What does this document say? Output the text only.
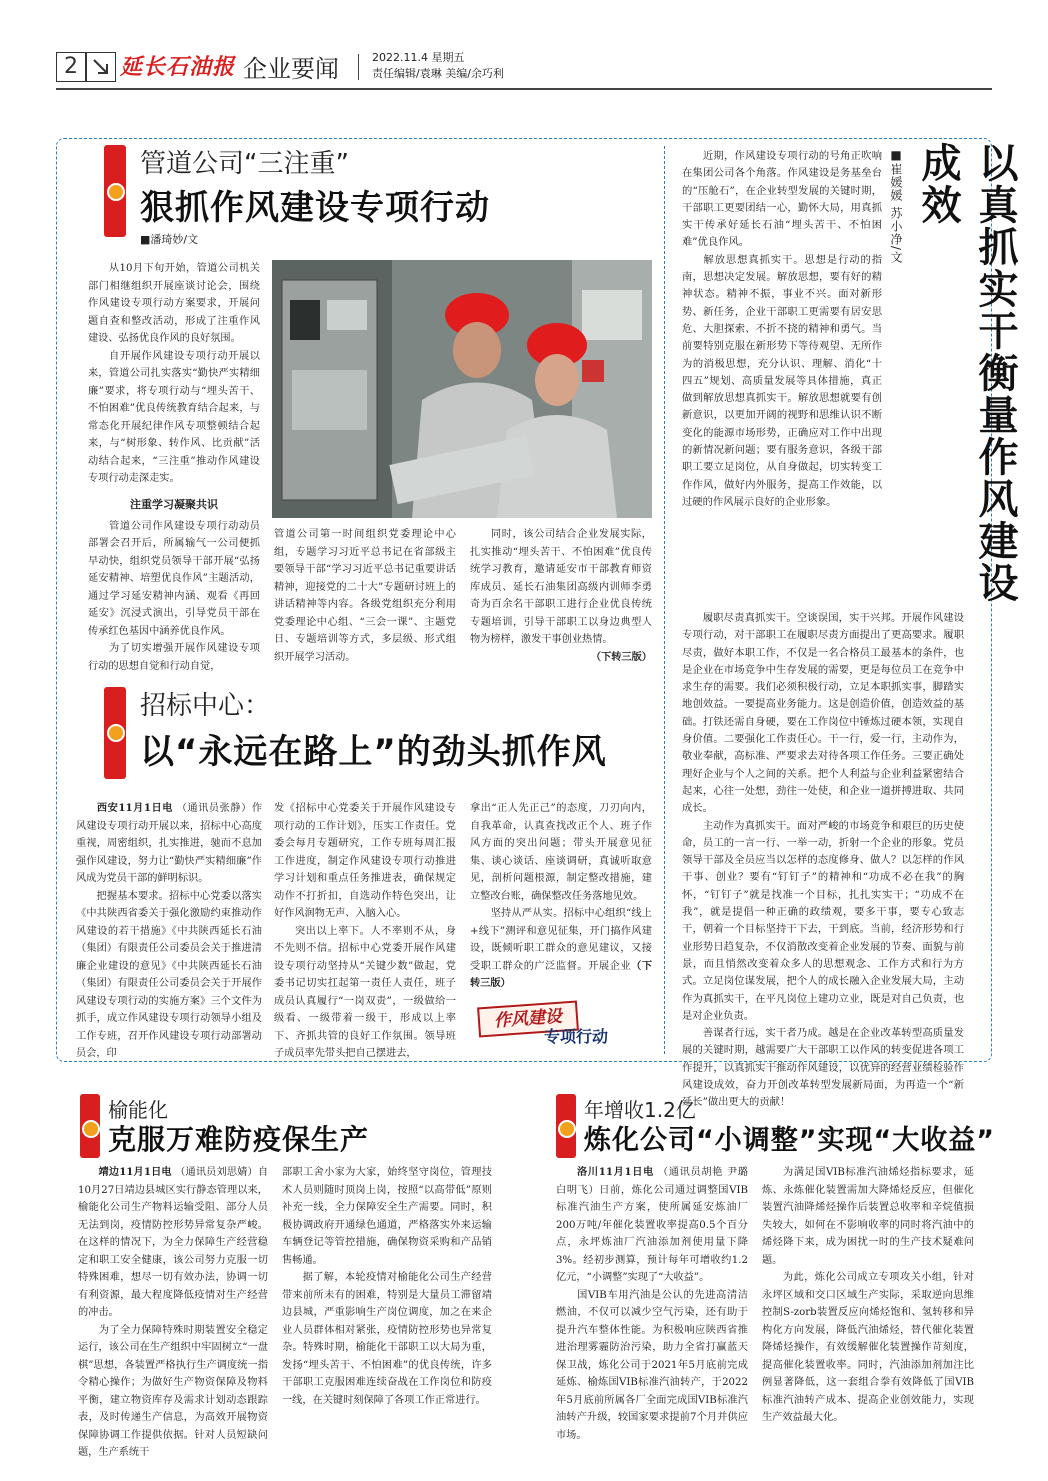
2	延长石油报 企业要闻	2022.11.4 星期五
责任编辑/袁琳 美编/余巧利
管道公司“三注重”
狠抓作风建设专项行动
■潘琦妙/文

从10月下旬开始，管道公司机关部门相继组织开展座谈讨论会，围绕作风建设专项行动方案要求，开展问题自查和整改活动，形成了注重作风建设、弘扬优良作风的良好氛围。

自开展作风建设专项行动开展以来，管道公司扎实落实“勤快严实精细廉”要求，将专项行动与“埋头苦干、不怕困难”优良传统教育结合起来，与常态化开展纪律作风专项整顿结合起来，与“树形象、转作风、比贡献”活动结合起来，“三注重”推动作风建设专项行动走深走实。

注重学习凝聚共识

管道公司作风建设专项行动动员部署会召开后，所属输气一公司便抓早动快，组织党员领导干部开展“弘扬延安精神、培塑优良作风”主题活动，通过学习延安精神内涵、观看《再回延安》沉浸式演出，引导党员干部在传承红色基因中涵养优良作风。

为了切实增强开展作风建设专项行动的思想自觉和行动自觉，

管道公司第一时间组织党委理论中心组，专题学习习近平总书记在省部级主要领导干部“学习习近平总书记重要讲话精神，迎接党的二十大”专题研讨班上的讲话精神等内容。各级党组织充分利用党委理论中心组、“三会一课”、主题党日、专题培训等方式，多层级、形式组织开展学习活动。

同时，该公司结合企业发展实际，扎实推动“埋头苦干、不怕困难”优良传统学习教育，邀请延安市干部教育师资库成员、延长石油集团高级内训师李勇奇为百余名干部职工进行企业优良传统专题培训，引导干部职工以身边典型人物为榜样，激发干事创业热情。

（下转三版）

招标中心：
以“永远在路上”的劲头抓作风

西安11月1日电 （通讯员张静）作风建设专项行动开展以来，招标中心高度重视，周密组织，扎实推进，驰而不息加强作风建设，努力让“勤快严实精细廉”作风成为党员干部的鲜明标识。

把握基本要求。招标中心党委以落实《中共陕西省委关于强化激励约束推动作风建设的若干措施》《中共陕西延长石油（集团）有限责任公司委员会关于推进清廉企业建设的意见》《中共陕西延长石油（集团）有限责任公司委员会关于开展作风建设专项行动的实施方案》三个文件为抓手，成立作风建设专项行动领导小组及工作专班，召开作风建设专项行动部署动员会，印

发《招标中心党委关于开展作风建设专项行动的工作计划》，压实工作责任。党委会每月专题研究，工作专班每周汇报工作进度，制定作风建设专项行动推进学习计划和重点任务推进表，确保规定动作不打折扣，自选动作特色突出，让好作风润物无声、入脑入心。

突出以上率下。人不率则不从，身不先则不信。招标中心党委开展作风建设专项行动坚持从“关键少数”做起，党委书记切实扛起第一责任人责任，班子成员认真履行“一岗双责”，一级做给一级看、一级带着一级干，形成以上率下、齐抓共管的良好工作氛围。领导班子成员率先带头把自己摆进去，

拿出“正人先正己”的态度，刀刃向内，自我革命，认真查找改正个人、班子作风方面的突出问题；带头开展意见征集、谈心谈话、座谈调研，真诚听取意见，剖析问题根源，制定整改措施，建立整改台账，确保整改任务落地见效。

坚持从严从实。招标中心组织“线上+线下”测评和意见征集，开门搞作风建设，既倾听职工群众的意见建议，又接受职工群众的广泛监督。开展企业（下转三版）

作风建设
专项行动

近期，作风建设专项行动的号角正吹响在集团公司各个角落。作风建设是务基垒台的“压舱石”，在企业转型发展的关键时期，干部职工更要团结一心，勤怀大局，用真抓实干传承好延长石油“埋头苦干、不怕困难”优良作风。

解放思想真抓实干。思想是行动的指南，思想决定发展。解放思想，要有好的精神状态。精神不振，事业不兴。面对新形势、新任务，企业干部职工更需要有居安思危、大胆探索、不折不挠的精神和勇气。当前要特别克服在新形势下等待观望、无所作为的消极思想，充分认识、理解、消化“十四五”规划、高质量发展等具体措施，真正做到解放思想真抓实干。解放思想就要有创新意识，以更加开阔的视野和思维认识不断变化的能源市场形势，正确应对工作中出现的新情况新问题；要有服务意识，各级干部职工要立足岗位，从自身做起，切实转变工作作风，做好内外服务，提高工作效能，以过硬的作风展示良好的企业形象。

履职尽责真抓实干。空谈误国，实干兴邦。开展作风建设专项行动，对干部职工在履职尽责方面提出了更高要求。履职尽责，做好本职工作，不仅是一名合格员工最基本的条件，也是企业在市场竞争中生存发展的需要，更是每位员工在竞争中求生存的需要。我们必须积极行动，立足本职抓实事，脚踏实地创效益。一要提高业务能力。这是创造价值，创造效益的基础。打铁还需自身硬，要在工作岗位中锤炼过硬本领，实现自身价值。二要强化工作责任心。干一行，爱一行，主动作为，敬业奉献，高标准、严要求去对待各项工作任务。三要正确处理好企业与个人之间的关系。把个人利益与企业利益紧密结合起来，心往一处想，劲往一处使，和企业一道拼搏进取、共同成长。

主动作为真抓实干。面对严峻的市场竞争和艰巨的历史使命，员工的一言一行、一举一动，折射一个企业的形象。党员领导干部及全员应当以怎样的态度修身、做人？以怎样的作风干事、创业？要有“钉钉子”的精神和“功成不必在我”的胸怀，“钉钉子”就是找准一个目标，扎扎实实干；“功成不在我”，就是提倡一种正确的政绩观，要多干事，要专心致志干，朝着一个目标坚持干下去，干到底。当前，经济形势和行业形势日趋复杂，不仅消散改变着企业发展的节奏、面貌与前景，而且悄然改变着众多人的思想观念、工作方式和行为方式。立足岗位谋发展，把个人的成长融入企业发展大局，主动作为真抓实干，在平凡岗位上建功立业，既是对自己负责，也是对企业负责。

善谋者行远，实干者乃成。越是在企业改革转型高质量发展的关键时期，越需要广大干部职工以作风的转变促进各项工作提升，以真抓实干推动作风建设，以优异的经营业绩检验作风建设成效，奋力开创改革转型发展新局面，为再造一个“新延长”做出更大的贡献！

以真抓实干衡量作风建设成效
■崔媛媛 苏小净/文
榆能化
克服万难防疫保生产

靖边11月1日电 （通讯员刘思婧）自10月27日靖边县城区实行静态管理以来，榆能化公司生产物料运输受阻、部分人员无法到岗，疫情防控形势异常复杂严峻。在这样的情况下，为全力保障生产经营稳定和职工安全健康，该公司努力克服一切特殊困难，想尽一切有效办法，协调一切有利资源，最大程度降低疫情对生产经营的冲击。

为了全力保障特殊时期装置安全稳定运行，该公司在生产组织中牢固树立“一盘棋”思想，各装置严格执行生产调度统一指令精心操作；为做好生产物资保障及物料平衡，建立物资库存及需求计划动态跟踪表，及时传递生产信息，为高效开展物资保障协调工作提供依据。针对人员短缺问题，生产系统干

部职工舍小家为大家，始终坚守岗位，管理技术人员则随时顶岗上岗，按照“以高带低”原则补充一线，全力保障安全生产需要。同时，积极协调政府开通绿色通道，严格落实外来运输车辆登记等管控措施，确保物资采购和产品销售畅通。

据了解，本轮疫情对榆能化公司生产经营带来前所未有的困难，特别是大量员工滞留靖边县城，严重影响生产岗位调度，加之在来企业人员群体相对紧张，疫情防控形势也异常复杂。特殊时期，榆能化干部职工以大局为重，发扬“埋头苦干、不怕困难”的优良传统，许多干部职工克服困难连续奋战在工作岗位和防疫一线，在关键时刻保障了各项工作正常进行。

年增收1.2亿
炼化公司“小调整”实现“大收益”

洛川11月1日电 （通讯员胡艳 尹璐 白明飞）日前，炼化公司通过调整国VIB标准汽油生产方案，使所属延安炼油厂200万吨/年催化装置收率提高0.5个百分点，永坪炼油厂汽油添加剂使用量下降3%。经初步测算，预计每年可增收约1.2亿元，“小调整”实现了“大收益”。

国VIB车用汽油是公认的先进高清洁燃油，不仅可以减少空气污染，还有助于提升汽车整体性能。为积极响应陕西省推进治理雾霾防治污染，助力全省打赢蓝天保卫战，炼化公司于2021年5月底前完成延炼、榆炼国VIB标准汽油转产，于2022年5月底前所属各厂全面完成国VIB标准汽油转产升级，较国家要求提前7个月并供应市场。

为满足国VIB标准汽油烯烃指标要求，延炼、永炼催化装置需加大降烯烃反应，但催化装置汽油降烯烃操作后装置总收率和辛烷值损失较大，如何在不影响收率的同时将汽油中的烯烃降下来，成为困扰一时的生产技术疑难问题。

为此，炼化公司成立专项攻关小组，针对永坪区域和交口区域生产实际，采取逆向思维控制S-zorb装置反应向烯烃饱和、氢转移和异构化方向发展，降低汽油烯烃，替代催化装置降烯烃操作，有效缓解催化装置操作苛刻度，提高催化装置收率。同时，汽油添加剂加注比例显著降低，这一套组合拳有效降低了国VIB标准汽油转产成本、提高企业创效能力，实现生产效益最大化。
